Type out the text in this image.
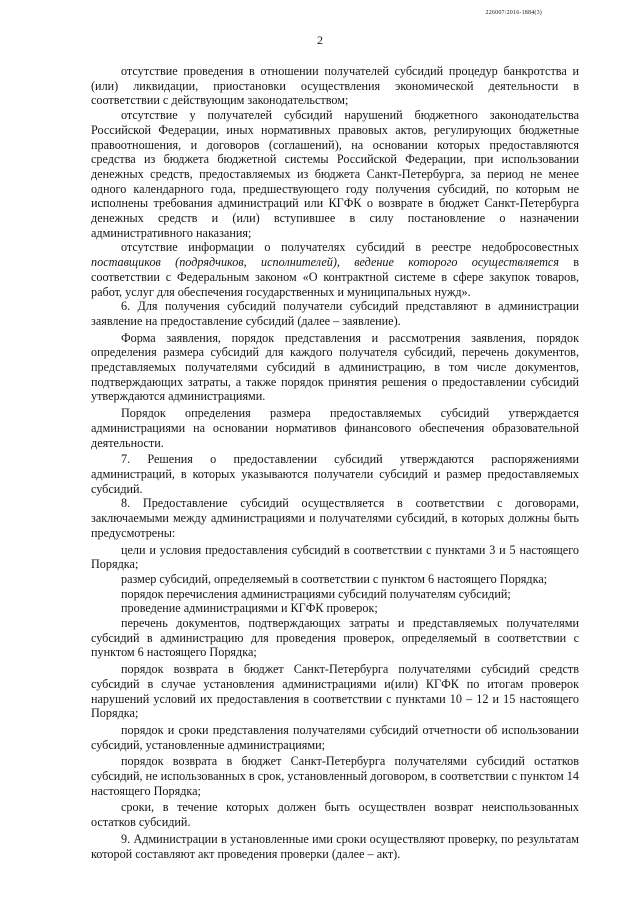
226007/2016-1884(3)
2

отсутствие проведения в отношении получателей субсидий процедур банкротства и (или) ликвидации, приостановки осуществления экономической деятельности в соответствии с действующим законодательством;

отсутствие у получателей субсидий нарушений бюджетного законодательства Российской Федерации, иных нормативных правовых актов, регулирующих бюджетные правоотношения, и договоров (соглашений), на основании которых предоставляются средства из бюджета бюджетной системы Российской Федерации, при использовании денежных средств, предоставляемых из бюджета Санкт-Петербурга, за период не менее одного календарного года, предшествующего году получения субсидий, по которым не исполнены требования администраций или КГФК о возврате в бюджет Санкт-Петербурга денежных средств и (или) вступившее в силу постановление о назначении административного наказания;

отсутствие информации о получателях субсидий в реестре недобросовестных поставщиков (подрядчиков, исполнителей), ведение которого осуществляется в соответствии с Федеральным законом «О контрактной системе в сфере закупок товаров, работ, услуг для обеспечения государственных и муниципальных нужд».

6. Для получения субсидий получатели субсидий представляют в администрации заявление на предоставление субсидий (далее – заявление).

Форма заявления, порядок представления и рассмотрения заявления, порядок определения размера субсидий для каждого получателя субсидий, перечень документов, представляемых получателями субсидий в администрацию, в том числе документов, подтверждающих затраты, а также порядок принятия решения о предоставлении субсидий утверждаются администрациями.

Порядок определения размера предоставляемых субсидий утверждается администрациями на основании нормативов финансового обеспечения образовательной деятельности.

7. Решения о предоставлении субсидий утверждаются распоряжениями администраций, в которых указываются получатели субсидий и размер предоставляемых субсидий.

8. Предоставление субсидий осуществляется в соответствии с договорами, заключаемыми между администрациями и получателями субсидий, в которых должны быть предусмотрены:

цели и условия предоставления субсидий в соответствии с пунктами 3 и 5 настоящего Порядка;

размер субсидий, определяемый в соответствии с пунктом 6 настоящего Порядка;

порядок перечисления администрациями субсидий получателям субсидий;

проведение администрациями и КГФК проверок;

перечень документов, подтверждающих затраты и представляемых получателями субсидий в администрацию для проведения проверок, определяемый в соответствии с пунктом 6 настоящего Порядка;

порядок возврата в бюджет Санкт-Петербурга получателями субсидий средств субсидий в случае установления администрациями и(или) КГФК по итогам проверок нарушений условий их предоставления в соответствии с пунктами 10 – 12 и 15 настоящего Порядка;

порядок и сроки представления получателями субсидий отчетности об использовании субсидий, установленные администрациями;

порядок возврата в бюджет Санкт-Петербурга получателями субсидий остатков субсидий, не использованных в срок, установленный договором, в соответствии с пунктом 14 настоящего Порядка;

сроки, в течение которых должен быть осуществлен возврат неиспользованных остатков субсидий.

9. Администрации в установленные ими сроки осуществляют проверку, по результатам которой составляют акт проведения проверки (далее – акт).
